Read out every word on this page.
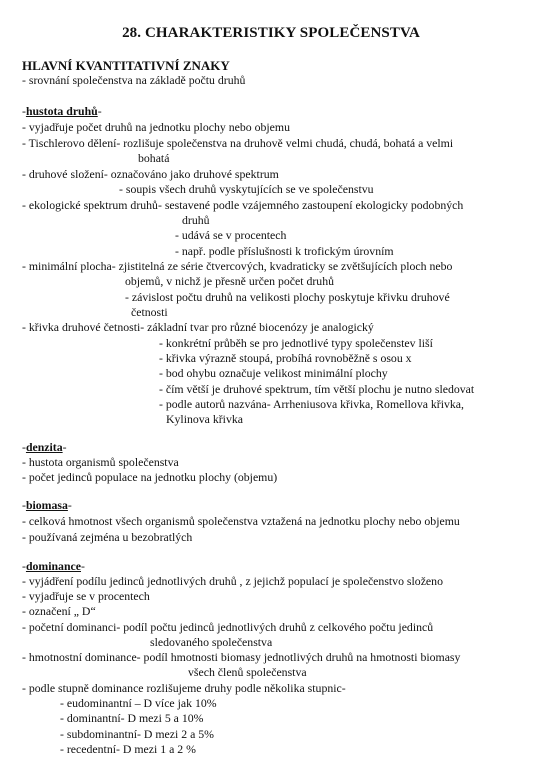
28. CHARAKTERISTIKY SPOLEČENSTVA
HLAVNÍ KVANTITATIVNÍ ZNAKY
- srovnání společenstva na základě počtu druhů
-hustota druhů-
- vyjadřuje počet druhů na jednotku plochy nebo objemu
- Tischlerovo dělení- rozlišuje společenstva na druhově velmi chudá, chudá, bohatá a velmi
bohatá
- druhové složení- označováno jako druhové spektrum
- soupis všech druhů vyskytujících se ve společenstvu
- ekologické spektrum druhů- sestavené podle vzájemného zastoupení ekologicky podobných
druhů
- udává se v procentech
- např. podle příslušnosti k trofickým úrovním
- minimální plocha- zjistitelná ze série čtvercových, kvadraticky se zvětšujících ploch nebo
objemů, v nichž je přesně určen počet druhů
- závislost počtu druhů na velikosti plochy poskytuje křivku druhové
četnosti
- křivka druhové četnosti- základní tvar pro různé biocenózy je analogický
- konkrétní průběh se pro jednotlivé typy společenstev liší
- křivka výrazně stoupá, probíhá rovnoběžně s osou x
- bod ohybu označuje velikost minimální plochy
- čím větší je druhové spektrum, tím větší plochu je nutno sledovat
- podle autorů nazvána- Arrheniusova křivka, Romellova křivka,
Kylinova křivka
-denzita-
- hustota organismů společenstva
- počet jedinců populace na jednotku plochy (objemu)
-biomasa-
- celková hmotnost všech organismů společenstva vztažená na jednotku plochy nebo objemu
- používaná zejména u bezobratlých
-dominance-
- vyjádření podílu jedinců jednotlivých druhů , z jejichž populací je společenstvo složeno
- vyjadřuje se v procentech
- označení „ D“
- početní dominanci- podíl počtu jedinců jednotlivých druhů z celkového počtu jedinců
sledovaného společenstva
- hmotnostní dominance- podíl hmotnosti biomasy jednotlivých druhů na hmotnosti biomasy
všech členů společenstva
- podle stupně dominance rozlišujeme druhy podle několika stupnic-
- eudominantní – D více jak 10%
- dominantní- D mezi 5 a 10%
- subdominantní- D mezi 2 a 5%
- recedentní- D mezi 1 a 2 %
